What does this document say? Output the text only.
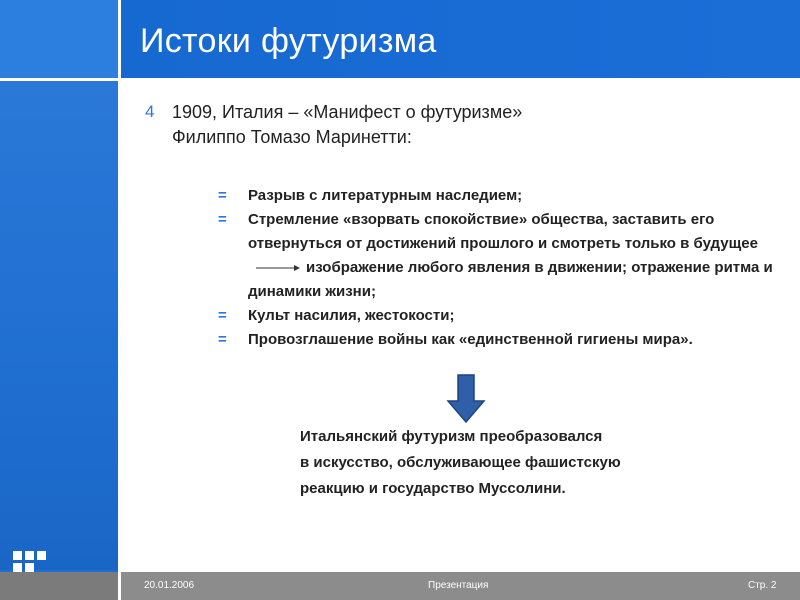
Истоки футуризма
4 1909, Италия – «Манифест о футуризме»
Филиппо Томазо Маринетти:
= Разрыв с литературным наследием;
= Стремление «взорвать спокойствие» общества, заставить его отвернуться от достижений прошлого и смотреть только в будущееизображение любого явления в движении; отражение ритма и динамики жизни;
= Культ насилия, жестокости;
= Провозглашение войны как «единственной гигиены мира».
Итальянский футуризм преобразовался
в искусство, обслуживающее фашистскую
реакцию и государство Муссолини.
20.01.2006	Презентация	Стр. 2
